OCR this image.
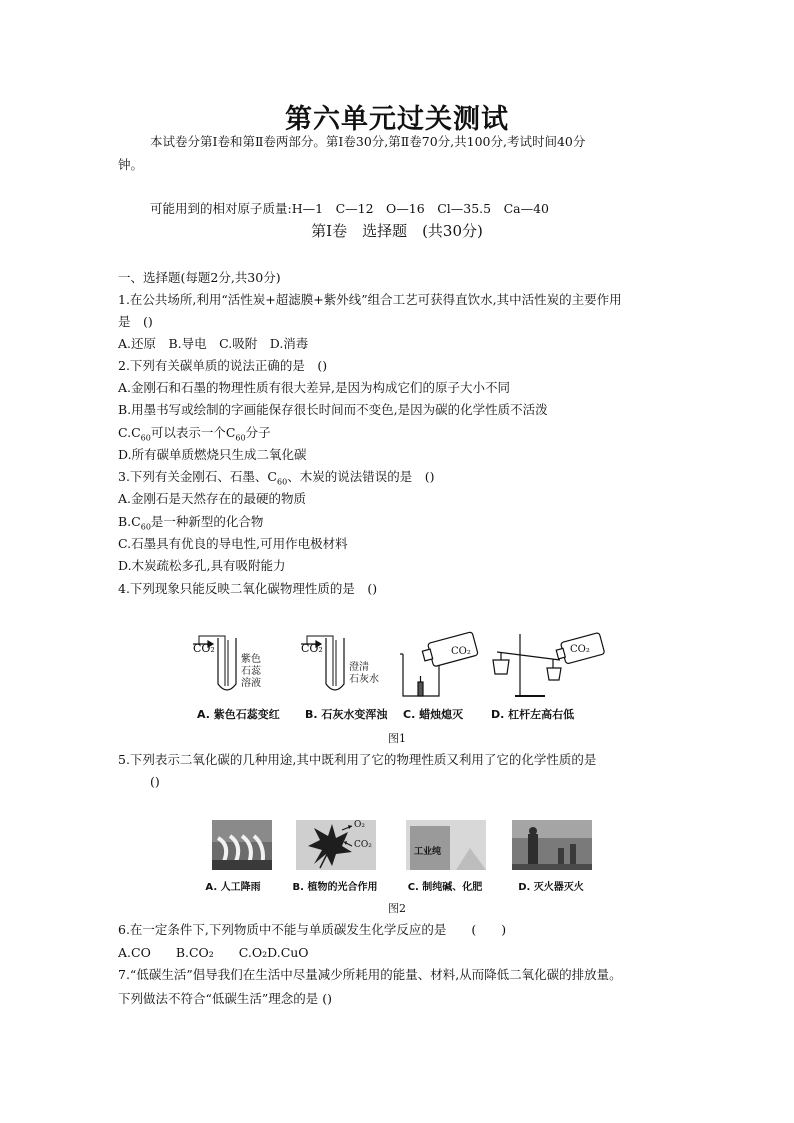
第六单元过关测试
本试卷分第Ⅰ卷和第Ⅱ卷两部分。第Ⅰ卷30分,第Ⅱ卷70分,共100分,考试时间40分
钟。
可能用到的相对原子质量:H—1　C—12　O—16　Cl—35.5　Ca—40
第Ⅰ卷　选择题　(共30分)
一、选择题(每题2分,共30分)
1.在公共场所,利用“活性炭+超滤膜+紫外线”组合工艺可获得直饮水,其中活性炭的主要作用
是　()
A.还原　B.导电　C.吸附　D.消毒
2.下列有关碳单质的说法正确的是　()
A.金刚石和石墨的物理性质有很大差异,是因为构成它们的原子大小不同
B.用墨书写或绘制的字画能保存很长时间而不变色,是因为碳的化学性质不活泼
$C.C_{60}$可以表示一个$C_{60}$分子
D.所有碳单质燃烧只生成二氧化碳
3.下列有关金刚石、石墨、$C_{60}$、木炭的说法错误的是　()
A.金刚石是天然存在的最硬的物质
$B.C_{60}$是一种新型的化合物
C.石墨具有优良的导电性,可用作电极材料
D.木炭疏松多孔,具有吸附能力
4.下列现象只能反映二氧化碳物理性质的是　()
CO₂	CO₂	CO₂	CO₂
紫色
石蕊
溶液
澄清
石灰水
A. 紫色石蕊变红 B. 石灰水变浑浊 C. 蜡烛熄灭	D. 杠杆左高右低
图1
5.下列表示二氧化碳的几种用途,其中既利用了它的物理性质又利用了它的化学性质的是
()
O₂
CO₂
工业纯
A. 人工降雨	B. 植物的光合作用	C. 制纯碱、化肥	D. 灭火器灭火
图2
6.在一定条件下,下列物质中不能与单质碳发生化学反应的是　　(　　)
A.CO　　B.CO₂　　C.O₂D.CuO
7.“低碳生活”倡导我们在生活中尽量减少所耗用的能量、材料,从而降低二氧化碳的排放量。
下列做法不符合“低碳生活”理念的是 ()
